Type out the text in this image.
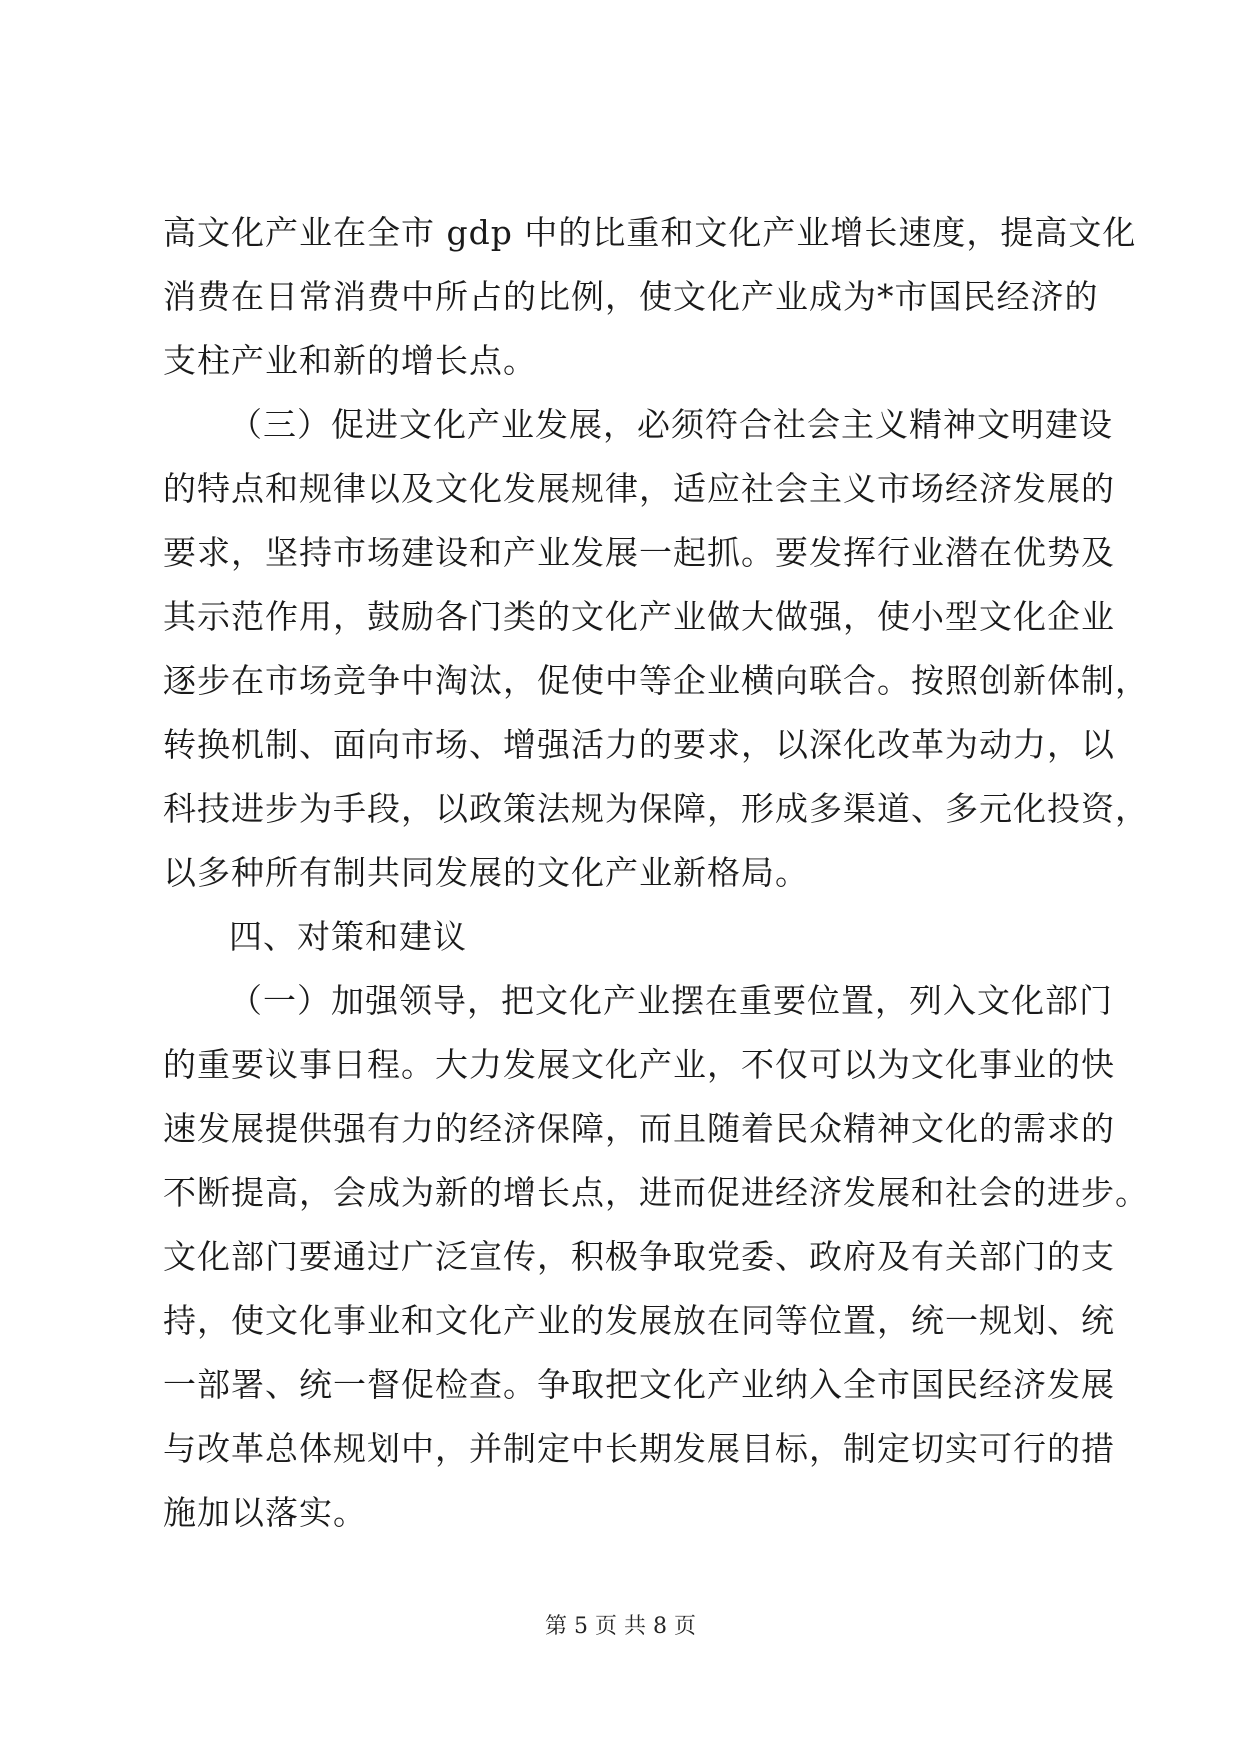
高文化产业在全市 gdp 中的比重和文化产业增长速度，提高文化
消费在日常消费中所占的比例，使文化产业成为*市国民经济的
支柱产业和新的增长点。
（三）促进文化产业发展，必须符合社会主义精神文明建设
的特点和规律以及文化发展规律，适应社会主义市场经济发展的
要求，坚持市场建设和产业发展一起抓。要发挥行业潜在优势及
其示范作用，鼓励各门类的文化产业做大做强，使小型文化企业
逐步在市场竞争中淘汰，促使中等企业横向联合。按照创新体制，
转换机制、面向市场、增强活力的要求，以深化改革为动力，以
科技进步为手段，以政策法规为保障，形成多渠道、多元化投资，
以多种所有制共同发展的文化产业新格局。
四、对策和建议
（一）加强领导，把文化产业摆在重要位置，列入文化部门
的重要议事日程。大力发展文化产业，不仅可以为文化事业的快
速发展提供强有力的经济保障，而且随着民众精神文化的需求的
不断提高，会成为新的增长点，进而促进经济发展和社会的进步。
文化部门要通过广泛宣传，积极争取党委、政府及有关部门的支
持，使文化事业和文化产业的发展放在同等位置，统一规划、统
一部署、统一督促检查。争取把文化产业纳入全市国民经济发展
与改革总体规划中，并制定中长期发展目标，制定切实可行的措
施加以落实。
第 5 页 共 8 页
